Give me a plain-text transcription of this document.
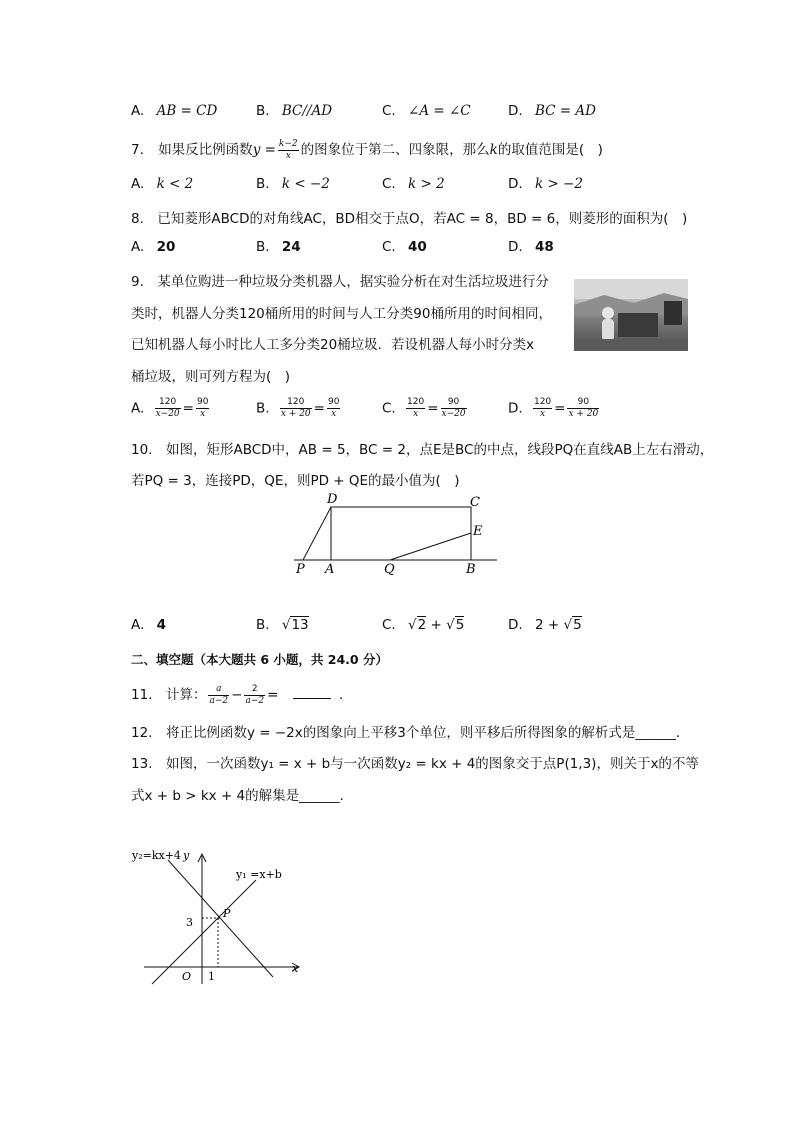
A. AB = CD	B. BC//AD	C. ∠A = ∠C	D. BC = AD
7. 如果反比例函数$y = \frac{k-2}{x}$ 的图象位于第二、四象限，那么k的取值范围是(　)
A. k < 2	B. k < −2	C. k > 2	D. k > −2
8.　已知菱形ABCD的对角线AC，BD相交于点O，若AC = 8，BD = 6，则菱形的面积为(　)
A. 20	B. 24	C. 40	D. 48
9.　某单位购进一种垃圾分类机器人，据实验分析在对生活垃圾进行分
类时，机器人分类120桶所用的时间与人工分类90桶所用的时间相同，
已知机器人每小时比人工多分类20桶垃圾．若设机器人每小时分类x
桶垃圾，则可列方程为(　)
A. $\frac{120}{x-20} = \frac{90}{x}$	B. $\frac{120}{x + 20} = \frac{90}{x}$	C. $\frac{120}{x} = \frac{90}{x-20}$	D. $\frac{120}{x} = \frac{90}{x + 20}$
10.　如图，矩形ABCD中，AB = 5，BC = 2，点E是BC的中点，线段PQ在直线AB上左右滑动，
若PQ = 3，连接PD，QE，则PD + QE的最小值为(　)
D	C
E
P A	Q	B
A. 4	B. √13	C. √2 + √5	D. 2 + √5
二、填空题（本大题共 6 小题，共 24.0 分）
11.　计算： $\frac{a}{a-2} - \frac{2}{a-2}$ =	．
12.　将正比例函数y = −2x的图象向上平移3个单位，则平移后所得图象的解析式是______．
13.　如图，一次函数y₁ = x + b与一次函数y₂ = kx + 4的图象交于点P(1,3)，则关于x的不等
式x + b > kx + 4的解集是______．
y₂=kx+4 y
y₁ =x+b
P
3
O 1
x
